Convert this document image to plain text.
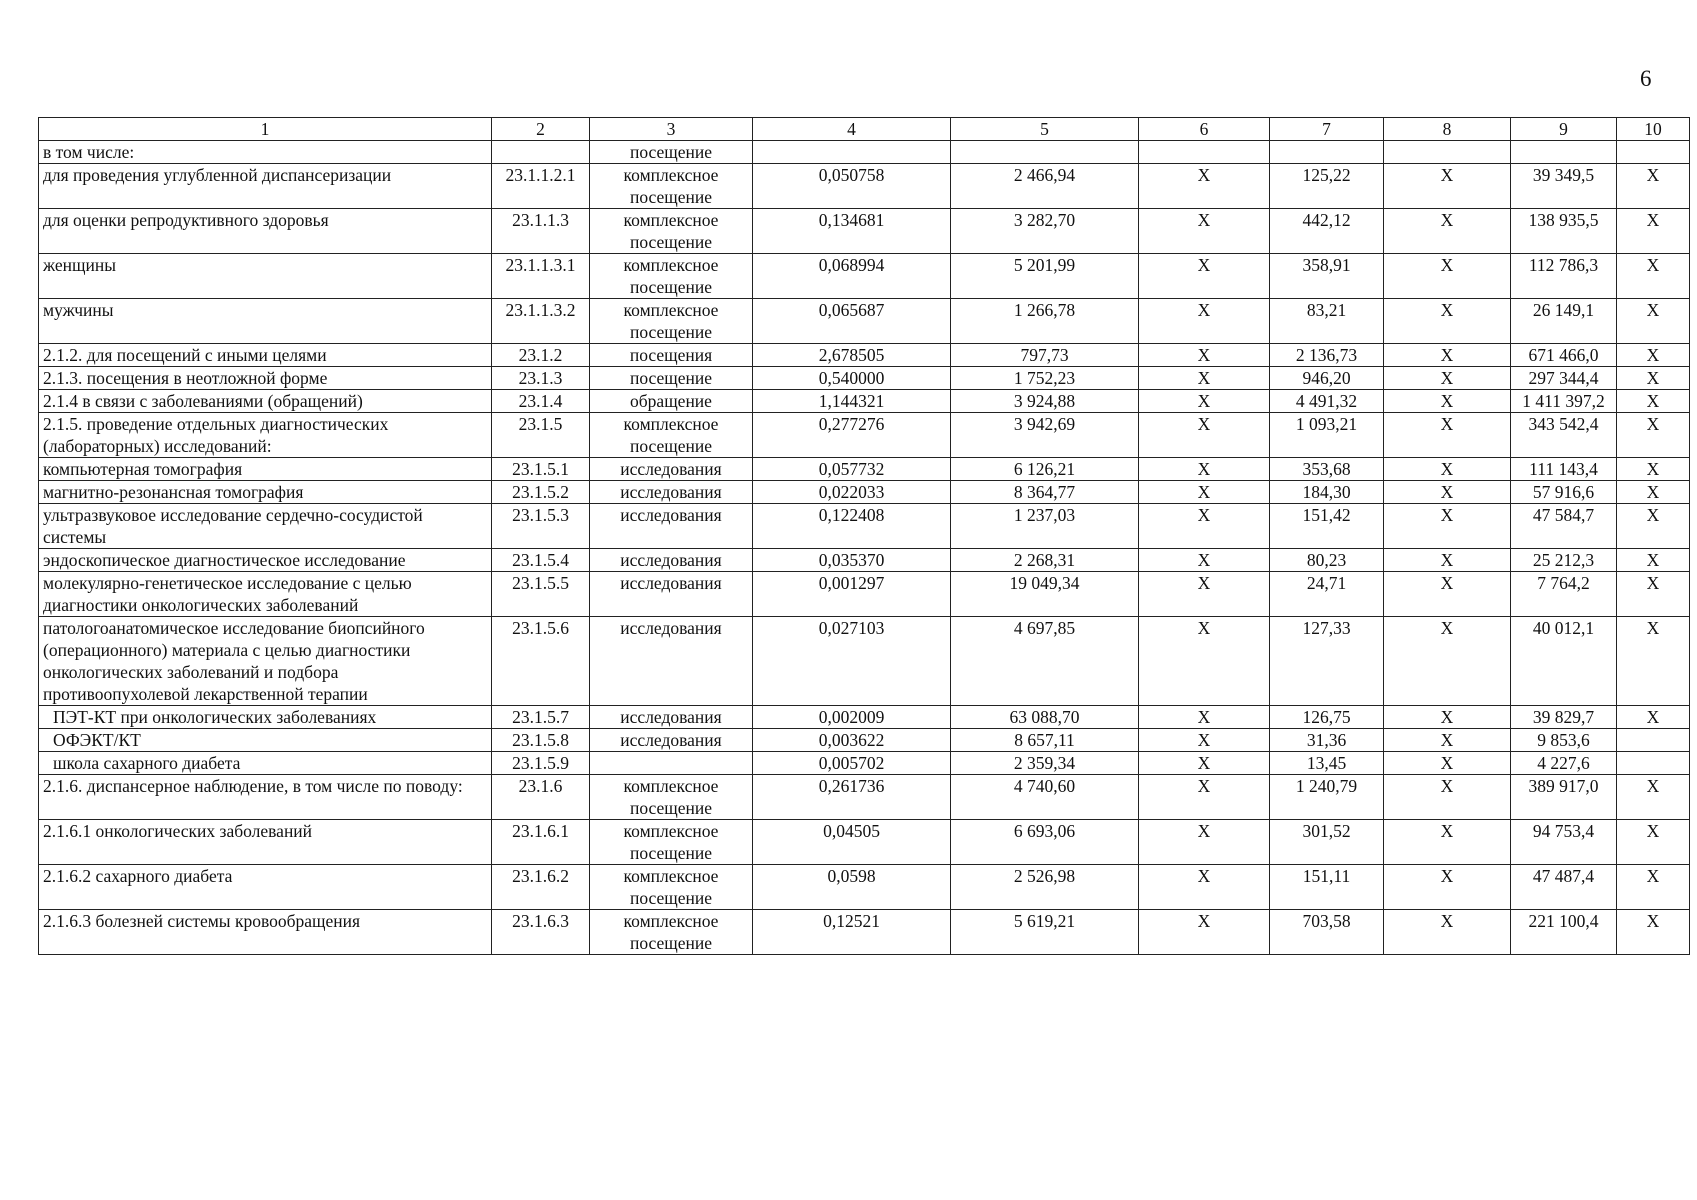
6
1	2	3	4	5	6	7	8	9	10
в том числе:		посещение							
для проведения углубленной диспансеризации	23.1.1.2.1	комплексное посещение	0,050758	2 466,94	Х	125,22	Х	39 349,5	Х
для оценки репродуктивного здоровья	23.1.1.3	комплексное посещение	0,134681	3 282,70	Х	442,12	Х	138 935,5	Х
женщины	23.1.1.3.1	комплексное посещение	0,068994	5 201,99	Х	358,91	Х	112 786,3	Х
мужчины	23.1.1.3.2	комплексное посещение	0,065687	1 266,78	Х	83,21	Х	26 149,1	Х
2.1.2. для посещений с иными целями	23.1.2	посещения	2,678505	797,73	Х	2 136,73	Х	671 466,0	Х
2.1.3. посещения в неотложной форме	23.1.3	посещение	0,540000	1 752,23	Х	946,20	Х	297 344,4	Х
2.1.4 в связи с заболеваниями (обращений)	23.1.4	обращение	1,144321	3 924,88	Х	4 491,32	Х	1 411 397,2	Х
2.1.5. проведение отдельных диагностических (лабораторных) исследований:	23.1.5	комплексное посещение	0,277276	3 942,69	Х	1 093,21	Х	343 542,4	Х
компьютерная томография	23.1.5.1	исследования	0,057732	6 126,21	Х	353,68	Х	111 143,4	Х
магнитно-резонансная томография	23.1.5.2	исследования	0,022033	8 364,77	Х	184,30	Х	57 916,6	Х
ультразвуковое исследование сердечно-сосудистой системы	23.1.5.3	исследования	0,122408	1 237,03	Х	151,42	Х	47 584,7	Х
эндоскопическое диагностическое исследование	23.1.5.4	исследования	0,035370	2 268,31	Х	80,23	Х	25 212,3	Х
молекулярно-генетическое исследование с целью диагностики онкологических заболеваний	23.1.5.5	исследования	0,001297	19 049,34	Х	24,71	Х	7 764,2	Х
патологоанатомическое исследование биопсийного (операционного) материала с целью диагностики онкологических заболеваний и подбора противоопухолевой лекарственной терапии	23.1.5.6	исследования	0,027103	4 697,85	Х	127,33	Х	40 012,1	Х
ПЭТ-КТ при онкологических заболеваниях	23.1.5.7	исследования	0,002009	63 088,70	Х	126,75	Х	39 829,7	Х
ОФЭКТ/КТ	23.1.5.8	исследования	0,003622	8 657,11	Х	31,36	Х	9 853,6	
школа сахарного диабета	23.1.5.9		0,005702	2 359,34	Х	13,45	Х	4 227,6	
2.1.6. диспансерное наблюдение, в том числе по поводу:	23.1.6	комплексное посещение	0,261736	4 740,60	Х	1 240,79	Х	389 917,0	Х
2.1.6.1 онкологических заболеваний	23.1.6.1	комплексное посещение	0,04505	6 693,06	Х	301,52	Х	94 753,4	Х
2.1.6.2 сахарного диабета	23.1.6.2	комплексное посещение	0,0598	2 526,98	Х	151,11	Х	47 487,4	Х
2.1.6.3 болезней системы кровообращения	23.1.6.3	комплексное посещение	0,12521	5 619,21	Х	703,58	Х	221 100,4	Х
